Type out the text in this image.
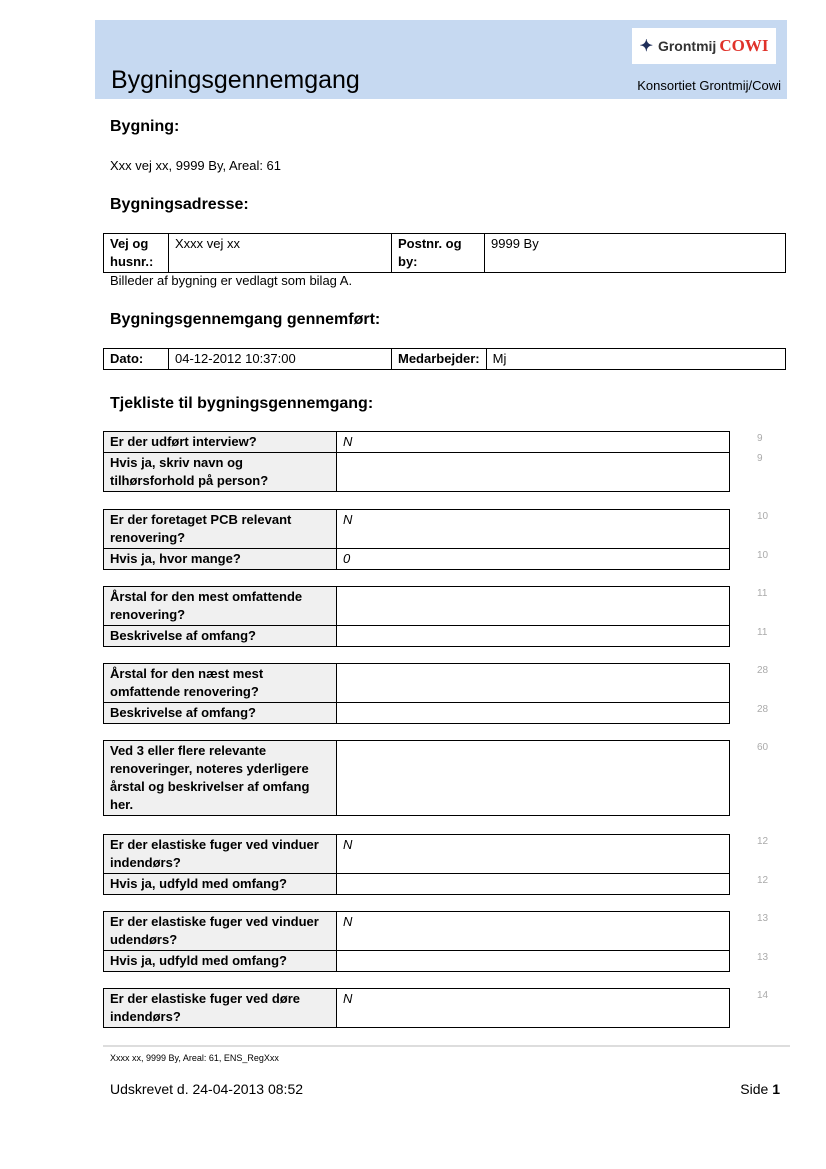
Bygningsgennemgang
✦ Grontmij COWI
Konsortiet Grontmij/Cowi
Bygning:
Xxx vej xx, 9999 By, Areal: 61
Bygningsadresse:
Vej og husnr.:	Xxxx vej xx	Postnr. og by:	9999 By
Billeder af bygning er vedlagt som bilag A.
Bygningsgennemgang gennemført:
Dato:	04-12-2012 10:37:00	Medarbejder:	Mj
Tjekliste til bygningsgennemgang:
9
9
Er der udført interview?	N
Hvis ja, skriv navn og tilhørsforhold på person?	
10
10
Er der foretaget PCB relevant renovering?	N
Hvis ja, hvor mange?	0
11
11
Årstal for den mest omfattende renovering?	
Beskrivelse af omfang?	
28
28
Årstal for den næst mest omfattende renovering?	
Beskrivelse af omfang?	
60
Ved 3 eller flere relevante renoveringer, noteres yderligere årstal og beskrivelser af omfang her.	
12
12
Er der elastiske fuger ved vinduer indendørs?	N
Hvis ja, udfyld med omfang?	
13
13
Er der elastiske fuger ved vinduer udendørs?	N
Hvis ja, udfyld med omfang?	
14
Er der elastiske fuger ved døre indendørs?	N
Xxxx xx, 9999 By, Areal: 61, ENS_RegXxx
Udskrevet d. 24-04-2013 08:52	Side 1
